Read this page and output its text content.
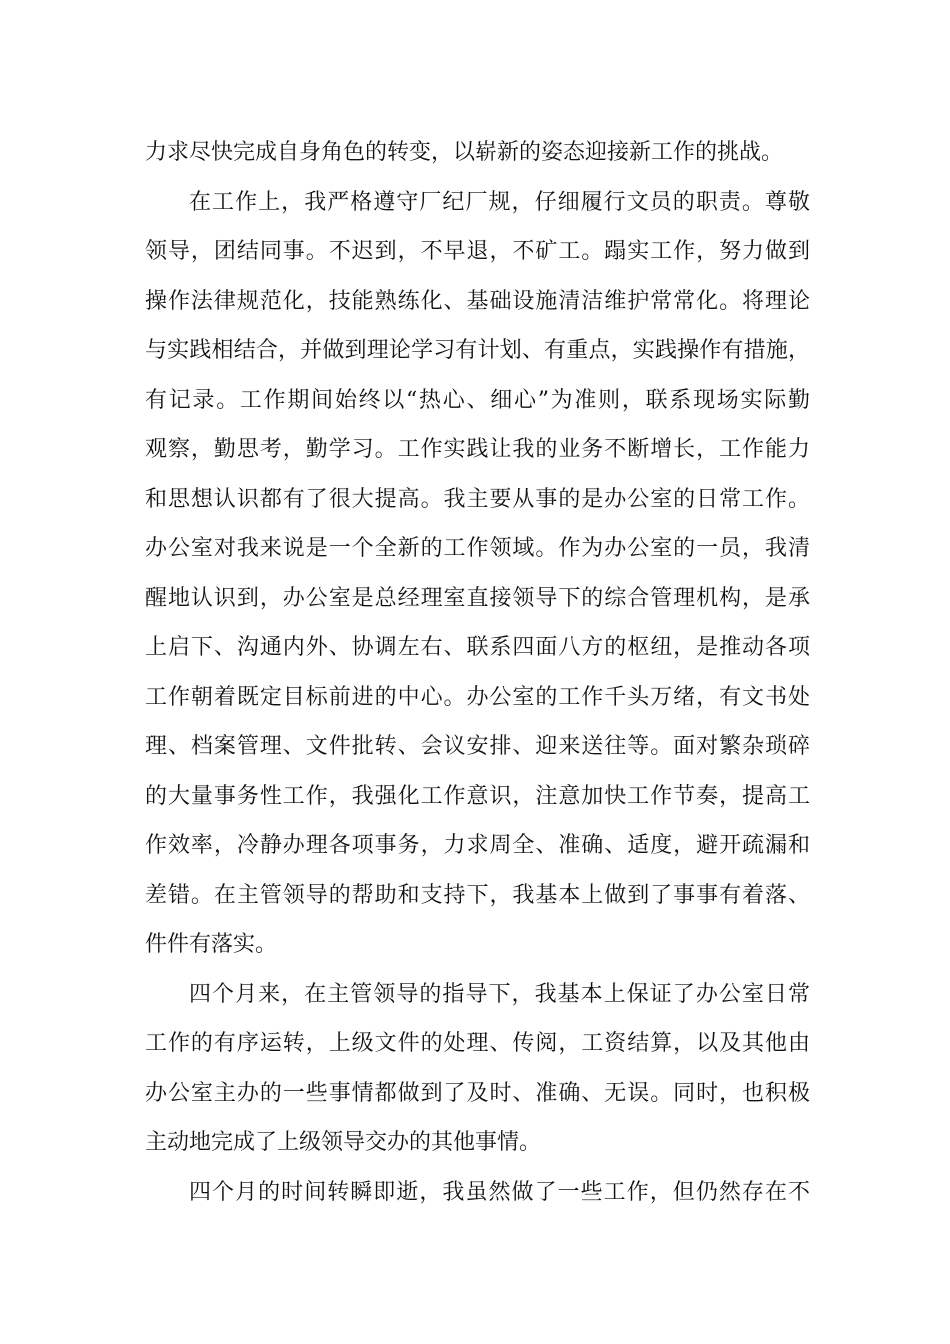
力求尽快完成自身角色的转变，以崭新的姿态迎接新工作的挑战。
在工作上，我严格遵守厂纪厂规，仔细履行文员的职责。尊敬
领导，团结同事。不迟到，不早退，不矿工。蹋实工作，努力做到
操作法律规范化，技能熟练化、基础设施清洁维护常常化。将理论
与实践相结合，并做到理论学习有计划、有重点，实践操作有措施，
有记录。工作期间始终以“热心、细心”为准则，联系现场实际勤
观察，勤思考，勤学习。工作实践让我的业务不断增长，工作能力
和思想认识都有了很大提高。我主要从事的是办公室的日常工作。
办公室对我来说是一个全新的工作领域。作为办公室的一员，我清
醒地认识到，办公室是总经理室直接领导下的综合管理机构，是承
上启下、沟通内外、协调左右、联系四面八方的枢纽，是推动各项
工作朝着既定目标前进的中心。办公室的工作千头万绪，有文书处
理、档案管理、文件批转、会议安排、迎来送往等。面对繁杂琐碎
的大量事务性工作，我强化工作意识，注意加快工作节奏，提高工
作效率，冷静办理各项事务，力求周全、准确、适度，避开疏漏和
差错。在主管领导的帮助和支持下，我基本上做到了事事有着落、
件件有落实。
四个月来，在主管领导的指导下，我基本上保证了办公室日常
工作的有序运转，上级文件的处理、传阅，工资结算，以及其他由
办公室主办的一些事情都做到了及时、准确、无误。同时，也积极
主动地完成了上级领导交办的其他事情。
四个月的时间转瞬即逝，我虽然做了一些工作，但仍然存在不
